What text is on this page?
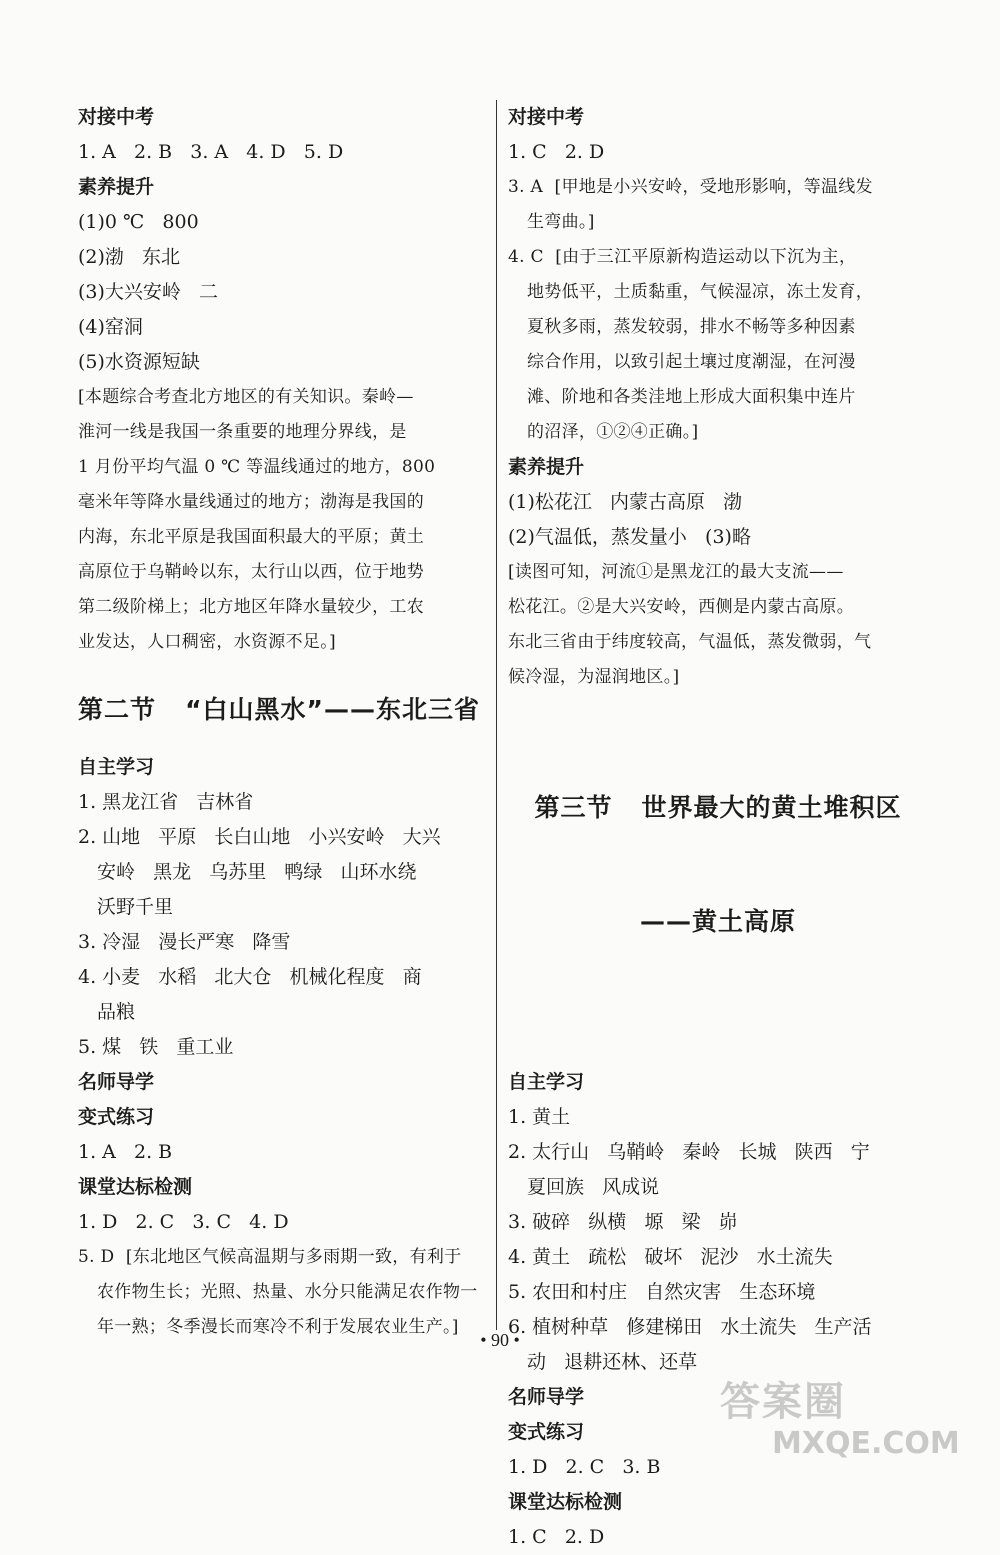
对接中考
1. A   2. B   3. A   4. D   5. D
素养提升
(1)0 ℃   800
(2)渤   东北
(3)大兴安岭   二
(4)窑洞
(5)水资源短缺
[本题综合考查北方地区的有关知识。秦岭—
淮河一线是我国一条重要的地理分界线，是
1 月份平均气温 0 ℃ 等温线通过的地方，800
毫米年等降水量线通过的地方；渤海是我国的
内海，东北平原是我国面积最大的平原；黄土
高原位于乌鞘岭以东，太行山以西，位于地势
第二级阶梯上；北方地区年降水量较少，工农
业发达，人口稠密，水资源不足。]
第二节   “白山黑水”——东北三省
自主学习
1. 黑龙江省   吉林省
2. 山地   平原   长白山地   小兴安岭   大兴
安岭   黑龙   乌苏里   鸭绿   山环水绕
沃野千里
3. 冷湿   漫长严寒   降雪
4. 小麦   水稻   北大仓   机械化程度   商
品粮
5. 煤   铁   重工业
名师导学
变式练习
1. A   2. B
课堂达标检测
1. D   2. C   3. C   4. D
5. D  [东北地区气候高温期与多雨期一致，有利于
农作物生长；光照、热量、水分只能满足农作物一
年一熟；冬季漫长而寒冷不利于发展农业生产。]
对接中考
1. C   2. D
3. A  [甲地是小兴安岭，受地形影响，等温线发
生弯曲。]
4. C  [由于三江平原新构造运动以下沉为主，
地势低平，土质黏重，气候湿凉，冻土发育，
夏秋多雨，蒸发较弱，排水不畅等多种因素
综合作用，以致引起土壤过度潮湿，在河漫
滩、阶地和各类洼地上形成大面积集中连片
的沼泽，①②④正确。]
素养提升
(1)松花江   内蒙古高原   渤
(2)气温低，蒸发量小   (3)略
[读图可知，河流①是黑龙江的最大支流——
松花江。②是大兴安岭，西侧是内蒙古高原。
东北三省由于纬度较高，气温低，蒸发微弱，气
候冷湿，为湿润地区。]

第三节   世界最大的黄土堆积区

——黄土高原

自主学习
1. 黄土
2. 太行山   乌鞘岭   秦岭   长城   陕西   宁
夏回族   风成说
3. 破碎   纵横   塬   梁   峁
4. 黄土   疏松   破坏   泥沙   水土流失
5. 农田和村庄   自然灾害   生态环境
6. 植树种草   修建梯田   水土流失   生产活
动   退耕还林、还草
名师导学
变式练习
1. D   2. C   3. B
课堂达标检测
1. C   2. D
• 90 •
答案圈
MXQE.COM
